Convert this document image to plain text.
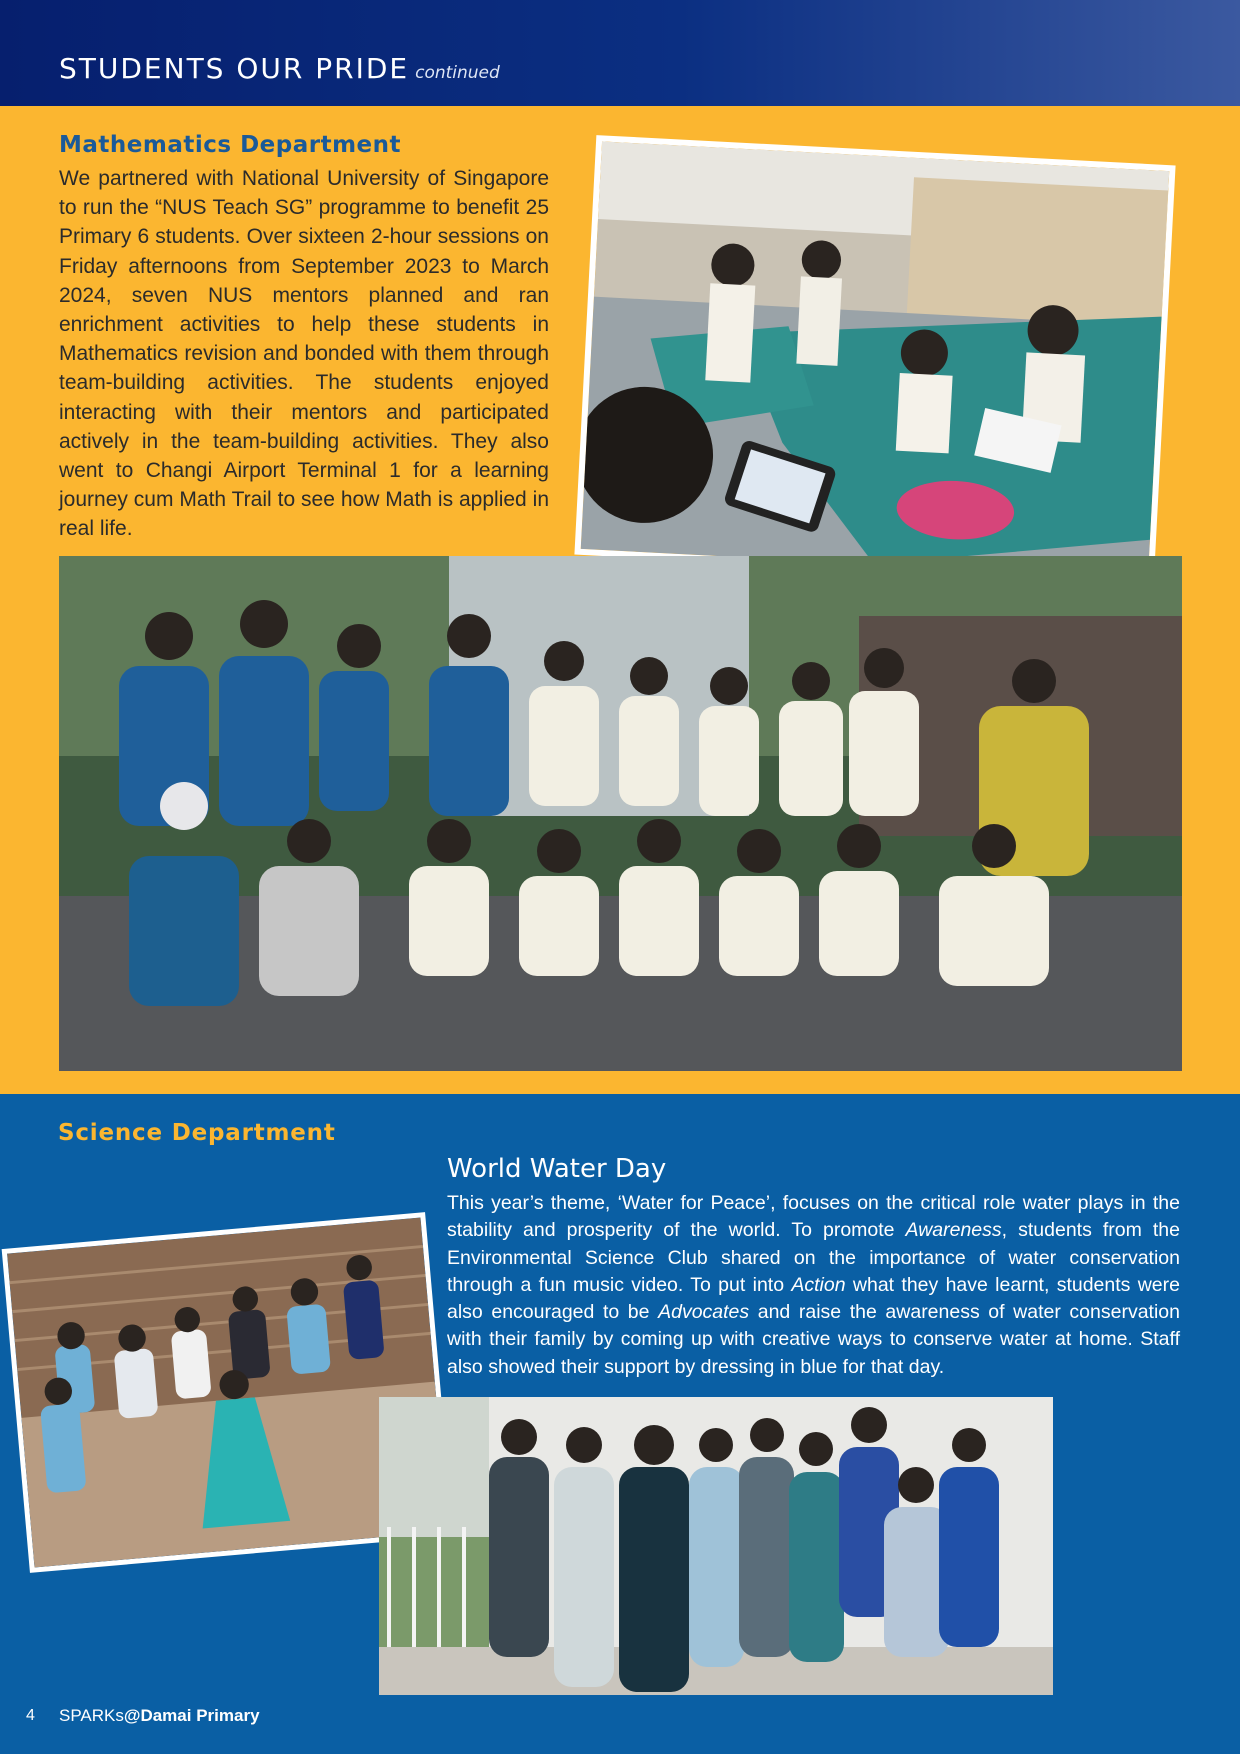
STUDENTS OUR PRIDE continued
Mathematics Department
We partnered with National University of Singapore to run the “NUS Teach SG” programme to benefit 25 Primary 6 students. Over sixteen 2-hour sessions on Friday afternoons from September 2023 to March 2024, seven NUS mentors planned and ran enrichment activities to help these students in Mathematics revision and bonded with them through team-building activities. The students enjoyed interacting with their mentors and participated actively in the team-building activities. They also went to Changi Airport Terminal 1 for a learning journey cum Math Trail to see how Math is applied in real life.
Science Department
World Water Day
This year’s theme, ‘Water for Peace’, focuses on the critical role water plays in the stability and prosperity of the world. To promote Awareness, students from the Environmental Science Club shared on the importance of water conservation through a fun music video. To put into Action what they have learnt, students were also encouraged to be Advocates and raise the awareness of water conservation with their family by coming up with creative ways to conserve water at home. Staff also showed their support by dressing in blue for that day.
4 SPARKs@Damai Primary
